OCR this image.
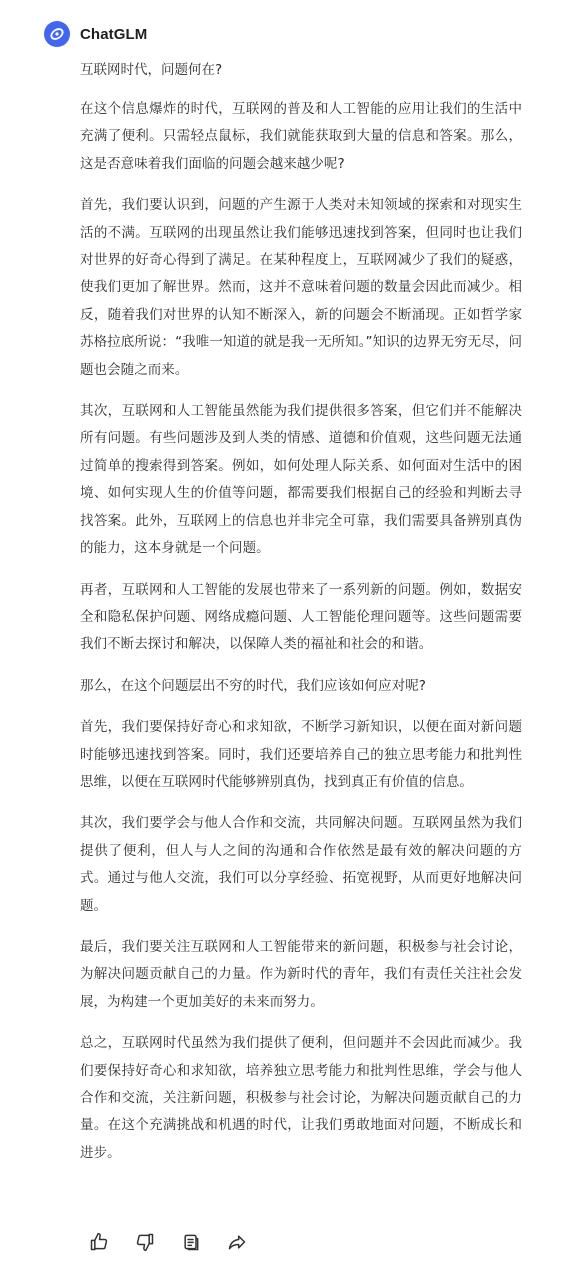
ChatGLM
互联网时代，问题何在?

在这个信息爆炸的时代，互联网的普及和人工智能的应用让我们的生活中充满了便利。只需轻点鼠标，我们就能获取到大量的信息和答案。那么，这是否意味着我们面临的问题会越来越少呢?

首先，我们要认识到，问题的产生源于人类对未知领域的探索和对现实生活的不满。互联网的出现虽然让我们能够迅速找到答案，但同时也让我们对世界的好奇心得到了满足。在某种程度上，互联网减少了我们的疑惑，使我们更加了解世界。然而，这并不意味着问题的数量会因此而减少。相反，随着我们对世界的认知不断深入，新的问题会不断涌现。正如哲学家苏格拉底所说：“我唯一知道的就是我一无所知。”知识的边界无穷无尽，问题也会随之而来。

其次，互联网和人工智能虽然能为我们提供很多答案，但它们并不能解决所有问题。有些问题涉及到人类的情感、道德和价值观，这些问题无法通过简单的搜索得到答案。例如，如何处理人际关系、如何面对生活中的困境、如何实现人生的价值等问题，都需要我们根据自己的经验和判断去寻找答案。此外，互联网上的信息也并非完全可靠，我们需要具备辨别真伪的能力，这本身就是一个问题。

再者，互联网和人工智能的发展也带来了一系列新的问题。例如，数据安全和隐私保护问题、网络成瘾问题、人工智能伦理问题等。这些问题需要我们不断去探讨和解决，以保障人类的福祉和社会的和谐。

那么，在这个问题层出不穷的时代，我们应该如何应对呢?

首先，我们要保持好奇心和求知欲，不断学习新知识，以便在面对新问题时能够迅速找到答案。同时，我们还要培养自己的独立思考能力和批判性思维，以便在互联网时代能够辨别真伪，找到真正有价值的信息。

其次，我们要学会与他人合作和交流，共同解决问题。互联网虽然为我们提供了便利，但人与人之间的沟通和合作依然是最有效的解决问题的方式。通过与他人交流，我们可以分享经验、拓宽视野，从而更好地解决问题。

最后，我们要关注互联网和人工智能带来的新问题，积极参与社会讨论，为解决问题贡献自己的力量。作为新时代的青年，我们有责任关注社会发展，为构建一个更加美好的未来而努力。

总之，互联网时代虽然为我们提供了便利，但问题并不会因此而减少。我们要保持好奇心和求知欲，培养独立思考能力和批判性思维，学会与他人合作和交流，关注新问题，积极参与社会讨论，为解决问题贡献自己的力量。在这个充满挑战和机遇的时代，让我们勇敢地面对问题，不断成长和进步。
